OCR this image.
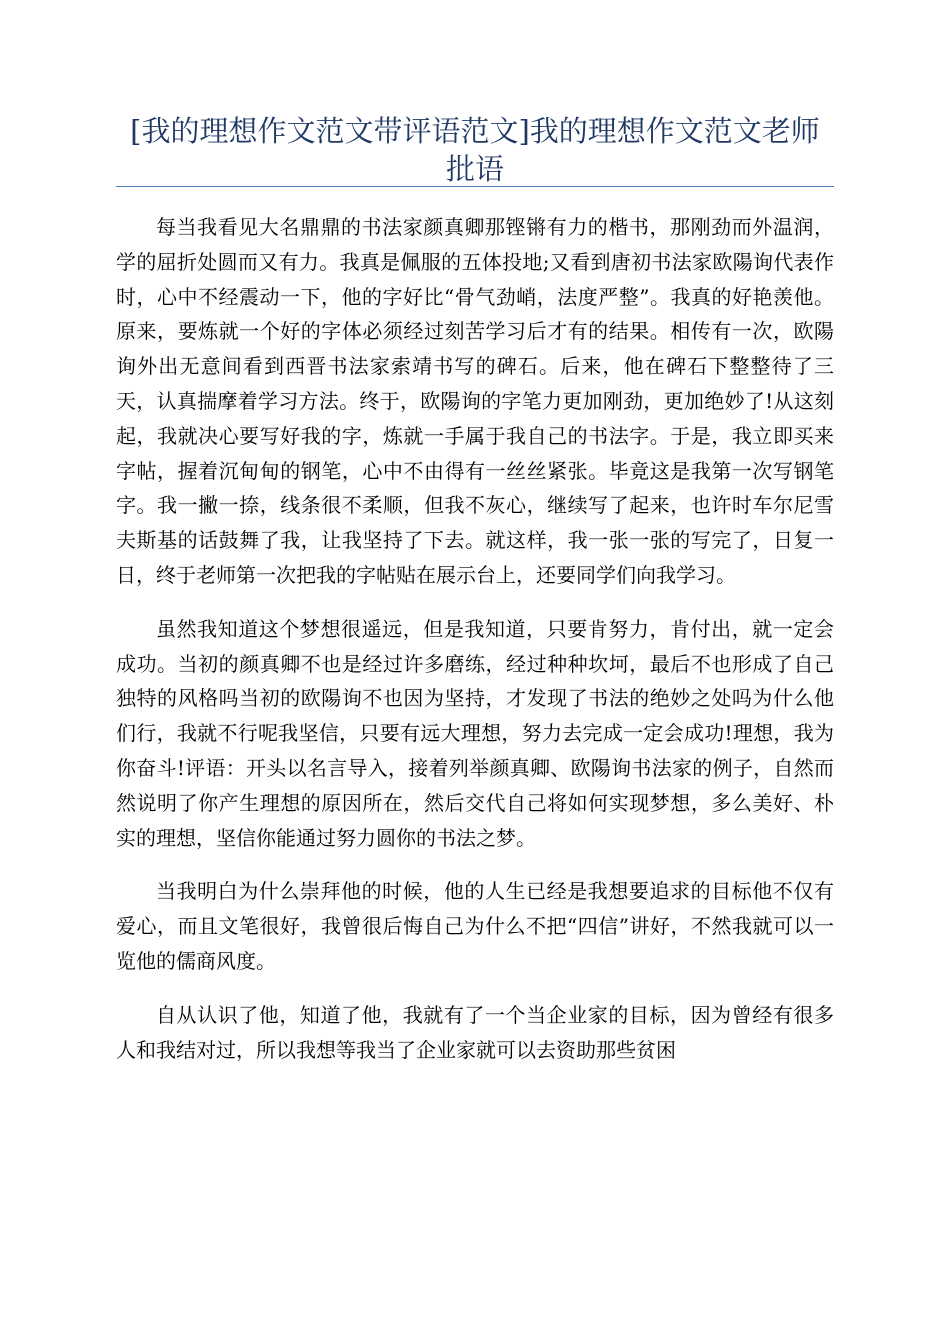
[我的理想作文范文带评语范文]我的理想作文范文老师批语

每当我看见大名鼎鼎的书法家颜真卿那铿锵有力的楷书，那刚劲而外温润，学的屈折处圆而又有力。我真是佩服的五体投地;又看到唐初书法家欧陽询代表作时，心中不经震动一下，他的字好比“骨气劲峭，法度严整”。我真的好艳羡他。原来，要炼就一个好的字体必须经过刻苦学习后才有的结果。相传有一次，欧陽询外出无意间看到西晋书法家索靖书写的碑石。后来，他在碑石下整整待了三天，认真揣摩着学习方法。终于，欧陽询的字笔力更加刚劲，更加绝妙了!从这刻起，我就决心要写好我的字，炼就一手属于我自己的书法字。于是，我立即买来字帖，握着沉甸甸的钢笔，心中不由得有一丝丝紧张。毕竟这是我第一次写钢笔字。我一撇一捺，线条很不柔顺，但我不灰心，继续写了起来，也许时车尔尼雪夫斯基的话鼓舞了我，让我坚持了下去。就这样，我一张一张的写完了，日复一日，终于老师第一次把我的字帖贴在展示台上，还要同学们向我学习。

虽然我知道这个梦想很遥远，但是我知道，只要肯努力，肯付出，就一定会成功。当初的颜真卿不也是经过许多磨练，经过种种坎坷，最后不也形成了自己独特的风格吗当初的欧陽询不也因为坚持，才发现了书法的绝妙之处吗为什么他们行，我就不行呢我坚信，只要有远大理想，努力去完成一定会成功!理想，我为你奋斗!评语：开头以名言导入，接着列举颜真卿、欧陽询书法家的例子，自然而然说明了你产生理想的原因所在，然后交代自己将如何实现梦想，多么美好、朴实的理想，坚信你能通过努力圆你的书法之梦。

当我明白为什么崇拜他的时候，他的人生已经是我想要追求的目标他不仅有爱心，而且文笔很好，我曾很后悔自己为什么不把“四信”讲好，不然我就可以一览他的儒商风度。

自从认识了他，知道了他，我就有了一个当企业家的目标，因为曾经有很多人和我结对过，所以我想等我当了企业家就可以去资助那些贫困
